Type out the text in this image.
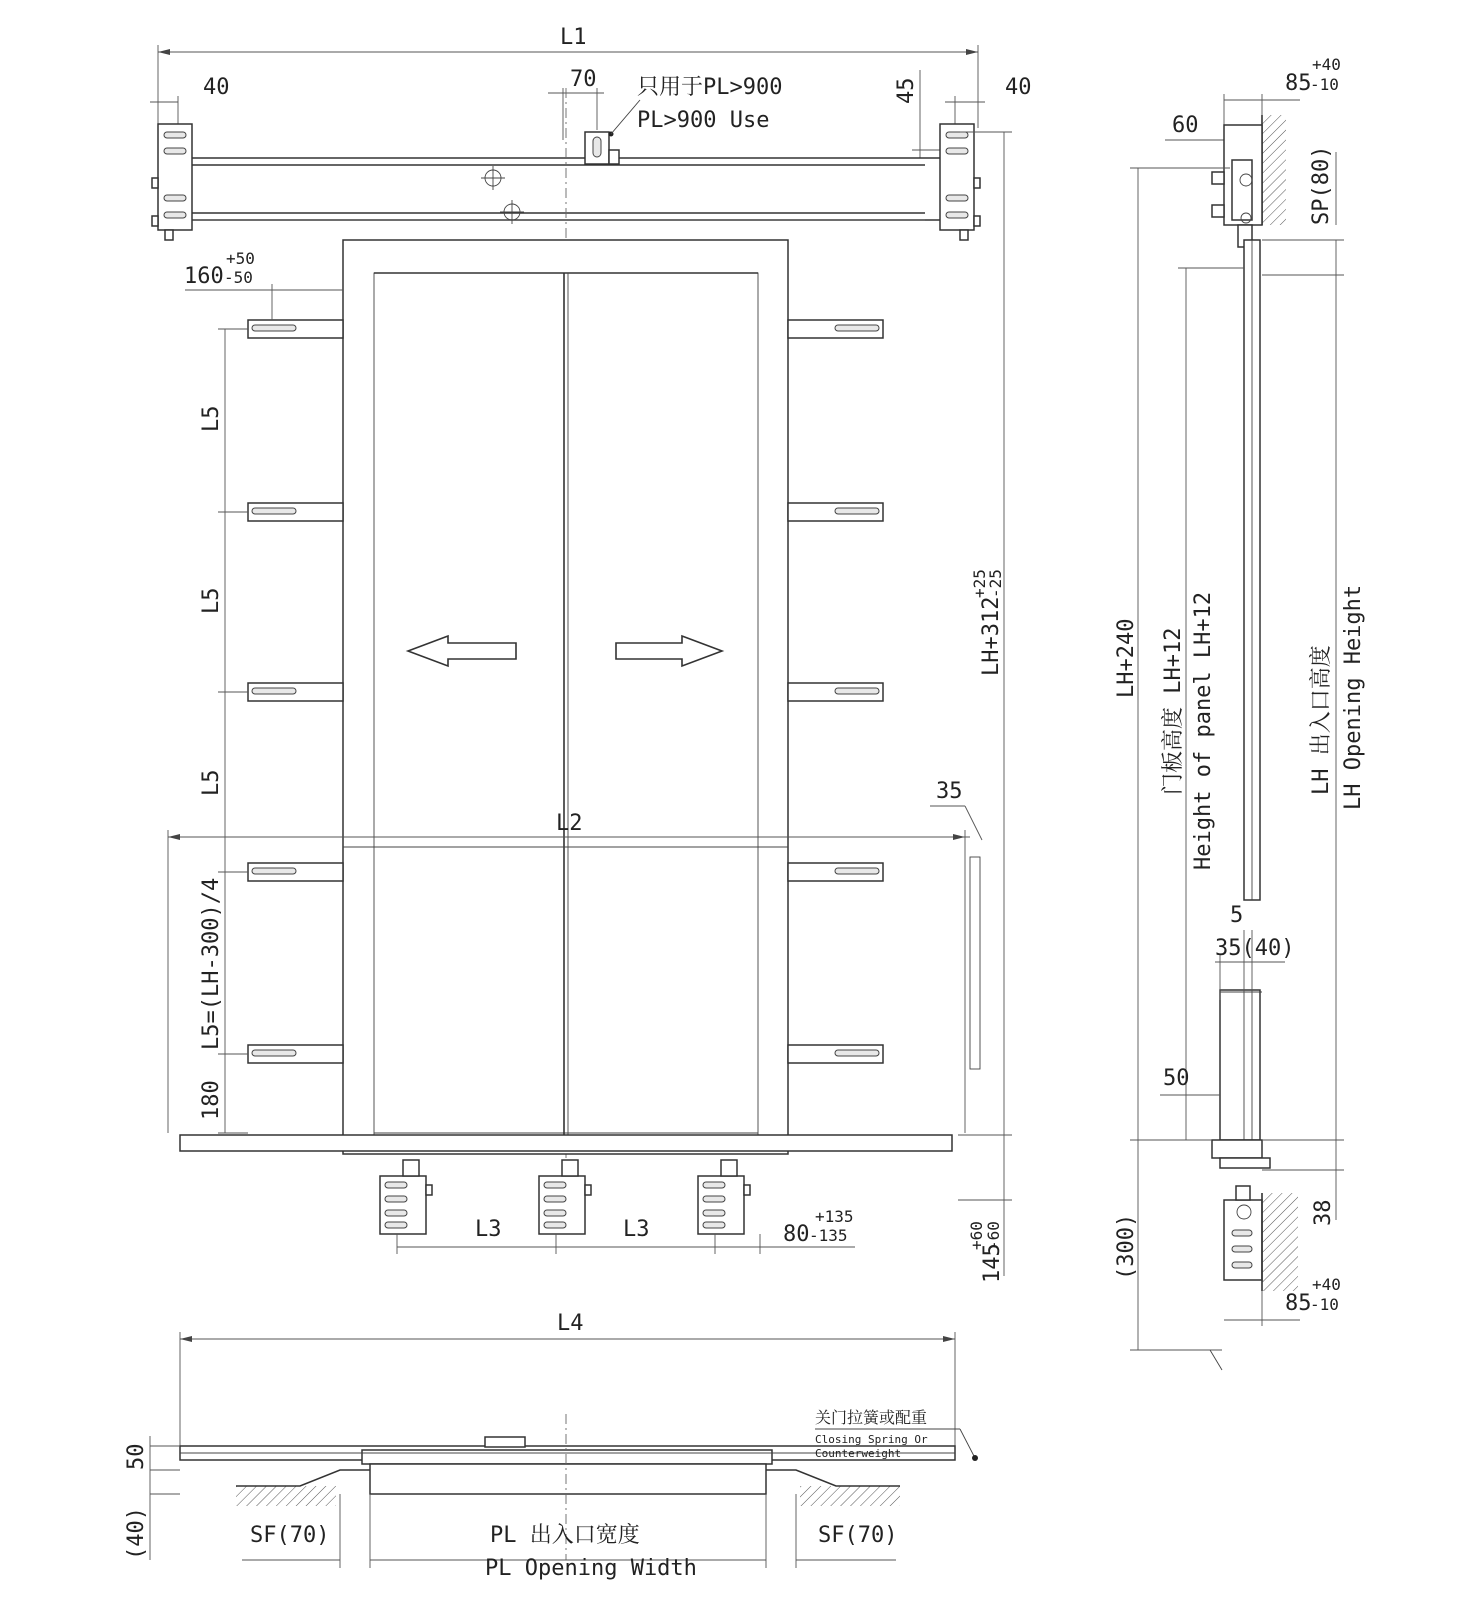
L1
40	70 只用于PL>900
PL>900 Use
45	40
+50
160 -50
L5
L5
L5
L5=(LH-300)/4
180
L2
35
LH+312
+25
-25
L3	L3
+135
80 -135
145
+60
-60
L4
关门拉簧或配重
Closing Spring Or
Counterweight
50
(40)	SF(70)	SF(70)
PL 出入口宽度
PL Opening Width
+40
85
-10
60
SP(80)
LH+240 门板高度 LH+12 Height of panel LH+12	LH 出入口高度 LH Opening Height
5
35(40)
50
(300)
38
+40
85
-10
